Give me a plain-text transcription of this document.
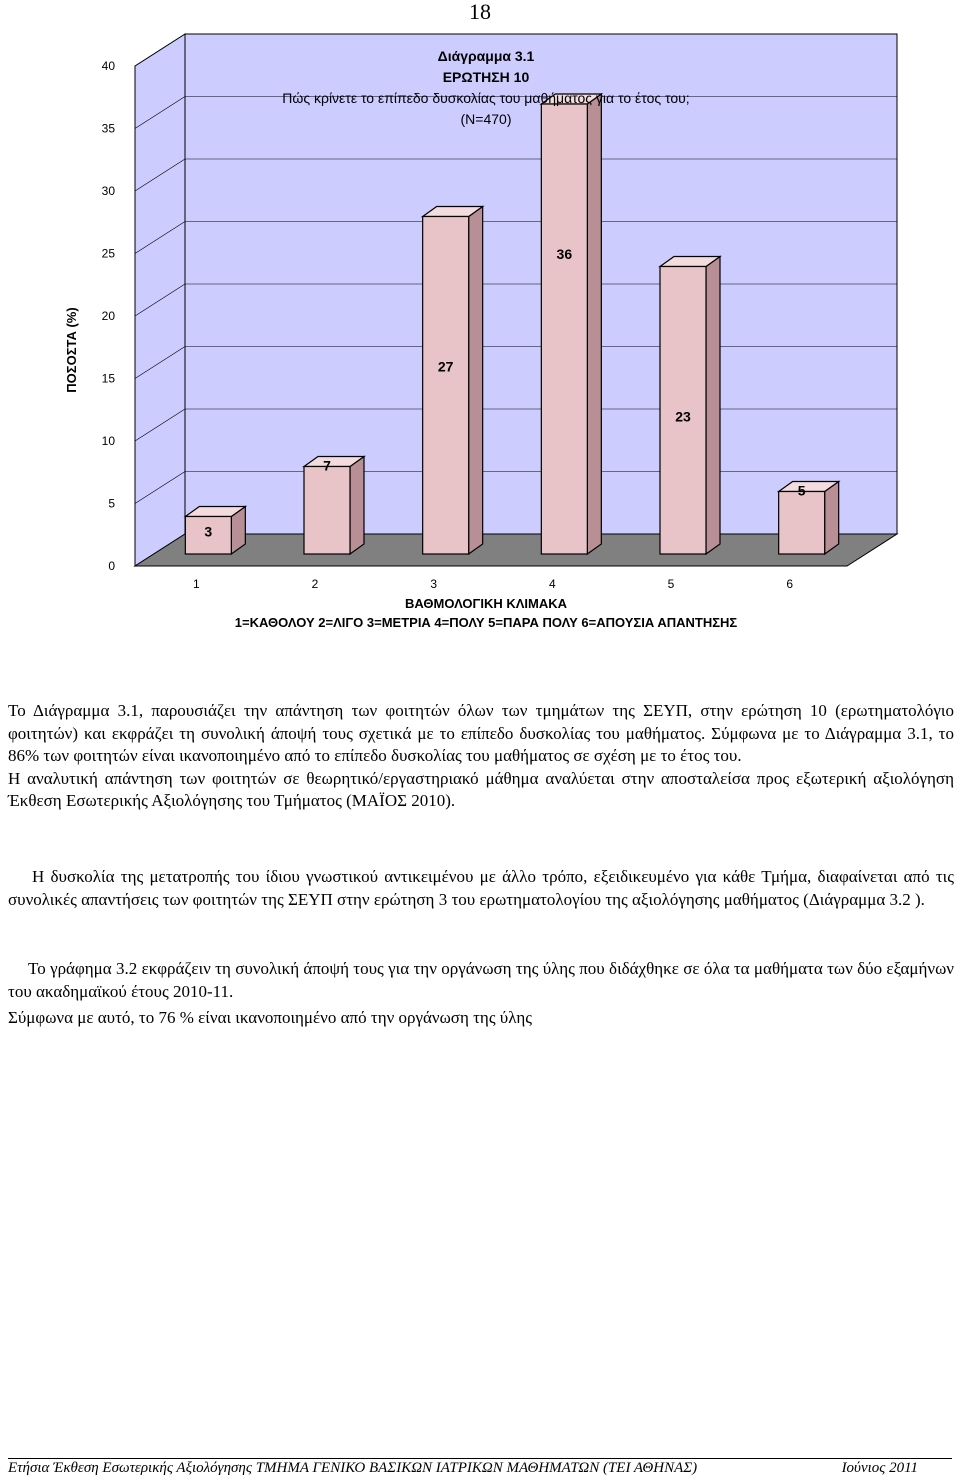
18
3
7
27
36
23
5
0
5
10
15
20
25
30
35
40
1	2	3	4	5	6
ΠΟΣΟΣΤΑ (%)
ΒΑΘΜΟΛΟΓΙΚΗ ΚΛΙΜΑΚΑ
1=ΚΑΘΟΛΟΥ 2=ΛΙΓΟ 3=ΜΕΤΡΙΑ 4=ΠΟΛΥ 5=ΠΑΡΑ ΠΟΛΥ 6=ΑΠΟΥΣΙΑ ΑΠΑΝΤΗΣΗΣ
Διάγραμμα 3.1
ΕΡΩΤΗΣΗ 10
Πώς κρίνετε το επίπεδο δυσκολίας του μαθήματος για το έτος του;
(Ν=470)

Το Διάγραμμα 3.1, παρουσιάζει την απάντηση των φοιτητών όλων των τμημάτων της ΣΕΥΠ, στην ερώτηση 10 (ερωτηματολόγιο φοιτητών) και εκφράζει τη συνολική άποψή τους σχετικά με το επίπεδο δυσκολίας του μαθήματος. Σύμφωνα με το Διάγραμμα 3.1, το 86% των φοιτητών είναι ικανοποιημένο από το επίπεδο δυσκολίας του μαθήματος σε σχέση με το έτος του.

Η αναλυτική απάντηση των φοιτητών σε θεωρητικό/εργαστηριακό μάθημα αναλύεται στην αποσταλείσα προς εξωτερική αξιολόγηση Έκθεση Εσωτερικής Αξιολόγησης του Τμήματος (ΜΑΪΟΣ 2010).

Η δυσκολία της μετατροπής του ίδιου γνωστικού αντικειμένου με άλλο τρόπο, εξειδικευμένο για κάθε Τμήμα, διαφαίνεται από τις συνολικές απαντήσεις των φοιτητών της ΣΕΥΠ στην ερώτηση 3 του ερωτηματολογίου της αξιολόγησης μαθήματος (Διάγραμμα 3.2 ).

Το γράφημα 3.2 εκφράζειν τη συνολική άποψή τους για την οργάνωση της ύλης που διδάχθηκε σε όλα τα μαθήματα των δύο εξαμήνων του ακαδημαϊκού έτους 2010-11.

Σύμφωνα με αυτό, το 76 % είναι ικανοποιημένο από την οργάνωση της ύλης

Ετήσια Έκθεση Εσωτερικής Αξιολόγησης ΤΜΗΜΑ ΓΕΝΙΚΟ ΒΑΣΙΚΩΝ ΙΑΤΡΙΚΩΝ ΜΑΘΗΜΑΤΩΝ (ΤΕΙ ΑΘΗΝΑΣ)	Ιούνιος 2011
